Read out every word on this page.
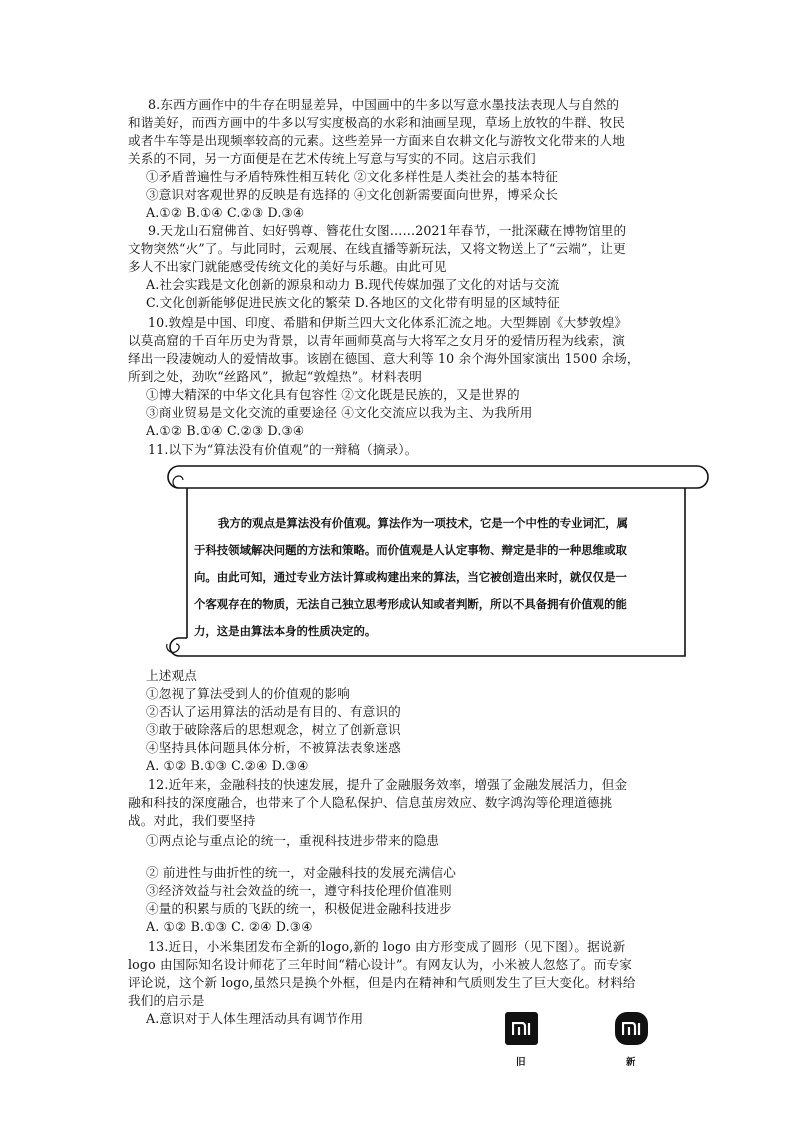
8.东西方画作中的牛存在明显差异，中国画中的牛多以写意水墨技法表现人与自然的
和谐美好，而西方画中的牛多以写实度极高的水彩和油画呈现，草场上放牧的牛群、牧民
或者牛车等是出现频率较高的元素。这些差异一方面来自农耕文化与游牧文化带来的人地
关系的不同，另一方面便是在艺术传统上写意与写实的不同。这启示我们
①矛盾普遍性与矛盾特殊性相互转化 ②文化多样性是人类社会的基本特征
③意识对客观世界的反映是有选择的 ④文化创新需要面向世界，博采众长
A.①② B.①④ C.②③ D.③④
9.天龙山石窟佛首、妇好鸮尊、簪花仕女图……2021年春节，一批深藏在博物馆里的
文物突然“火”了。与此同时，云观展、在线直播等新玩法，又将文物送上了“云端”，让更
多人不出家门就能感受传统文化的美好与乐趣。由此可见
A.社会实践是文化创新的源泉和动力 B.现代传媒加强了文化的对话与交流
C.文化创新能够促进民族文化的繁荣 D.各地区的文化带有明显的区域特征
10.敦煌是中国、印度、希腊和伊斯兰四大文化体系汇流之地。大型舞剧《大梦敦煌》
以莫高窟的千百年历史为背景，以青年画师莫高与大将军之女月牙的爱情历程为线索，演
绎出一段凄婉动人的爱情故事。该剧在德国、意大利等 10 余个海外国家演出 1500 余场，
所到之处，劲吹“丝路风”，掀起“敦煌热”。材料表明
①博大精深的中华文化具有包容性 ②文化既是民族的，又是世界的
③商业贸易是文化交流的重要途径 ④文化交流应以我为主、为我所用
A.①② B.①④ C.②③ D.③④
11.以下为“算法没有价值观”的一辩稿（摘录）。
我方的观点是算法没有价值观。算法作为一项技术，它是一个中性的专业词汇，属
于科技领域解决问题的方法和策略。而价值观是人认定事物、辩定是非的一种思维或取
向。由此可知，通过专业方法计算或构建出来的算法，当它被创造出来时，就仅仅是一
个客观存在的物质，无法自己独立思考形成认知或者判断，所以不具备拥有价值观的能
力，这是由算法本身的性质决定的。
上述观点
①忽视了算法受到人的价值观的影响
②否认了运用算法的活动是有目的、有意识的
③敢于破除落后的思想观念，树立了创新意识
④坚持具体问题具体分析，不被算法表象迷惑
A. ①② B.①③ C.②④ D.③④
12.近年来，金融科技的快速发展，提升了金融服务效率，增强了金融发展活力，但金
融和科技的深度融合，也带来了个人隐私保护、信息茧房效应、数字鸿沟等伦理道德挑
战。对此，我们要坚持
①两点论与重点论的统一，重视科技进步带来的隐患
② 前进性与曲折性的统一，对金融科技的发展充满信心
③经济效益与社会效益的统一，遵守科技伦理价值准则
④量的积累与质的飞跃的统一，积极促进金融科技进步
A. ①② B.①③ C. ②④ D.③④
13.近日，小米集团发布全新的logo,新的 logo 由方形变成了圆形（见下图）。据说新
logo 由国际知名设计师花了三年时间“精心设计”。有网友认为，小米被人忽悠了。而专家
评论说，这个新 logo,虽然只是换个外框，但是内在精神和气质则发生了巨大变化。材料给
我们的启示是
A.意识对于人体生理活动具有调节作用
旧	新
